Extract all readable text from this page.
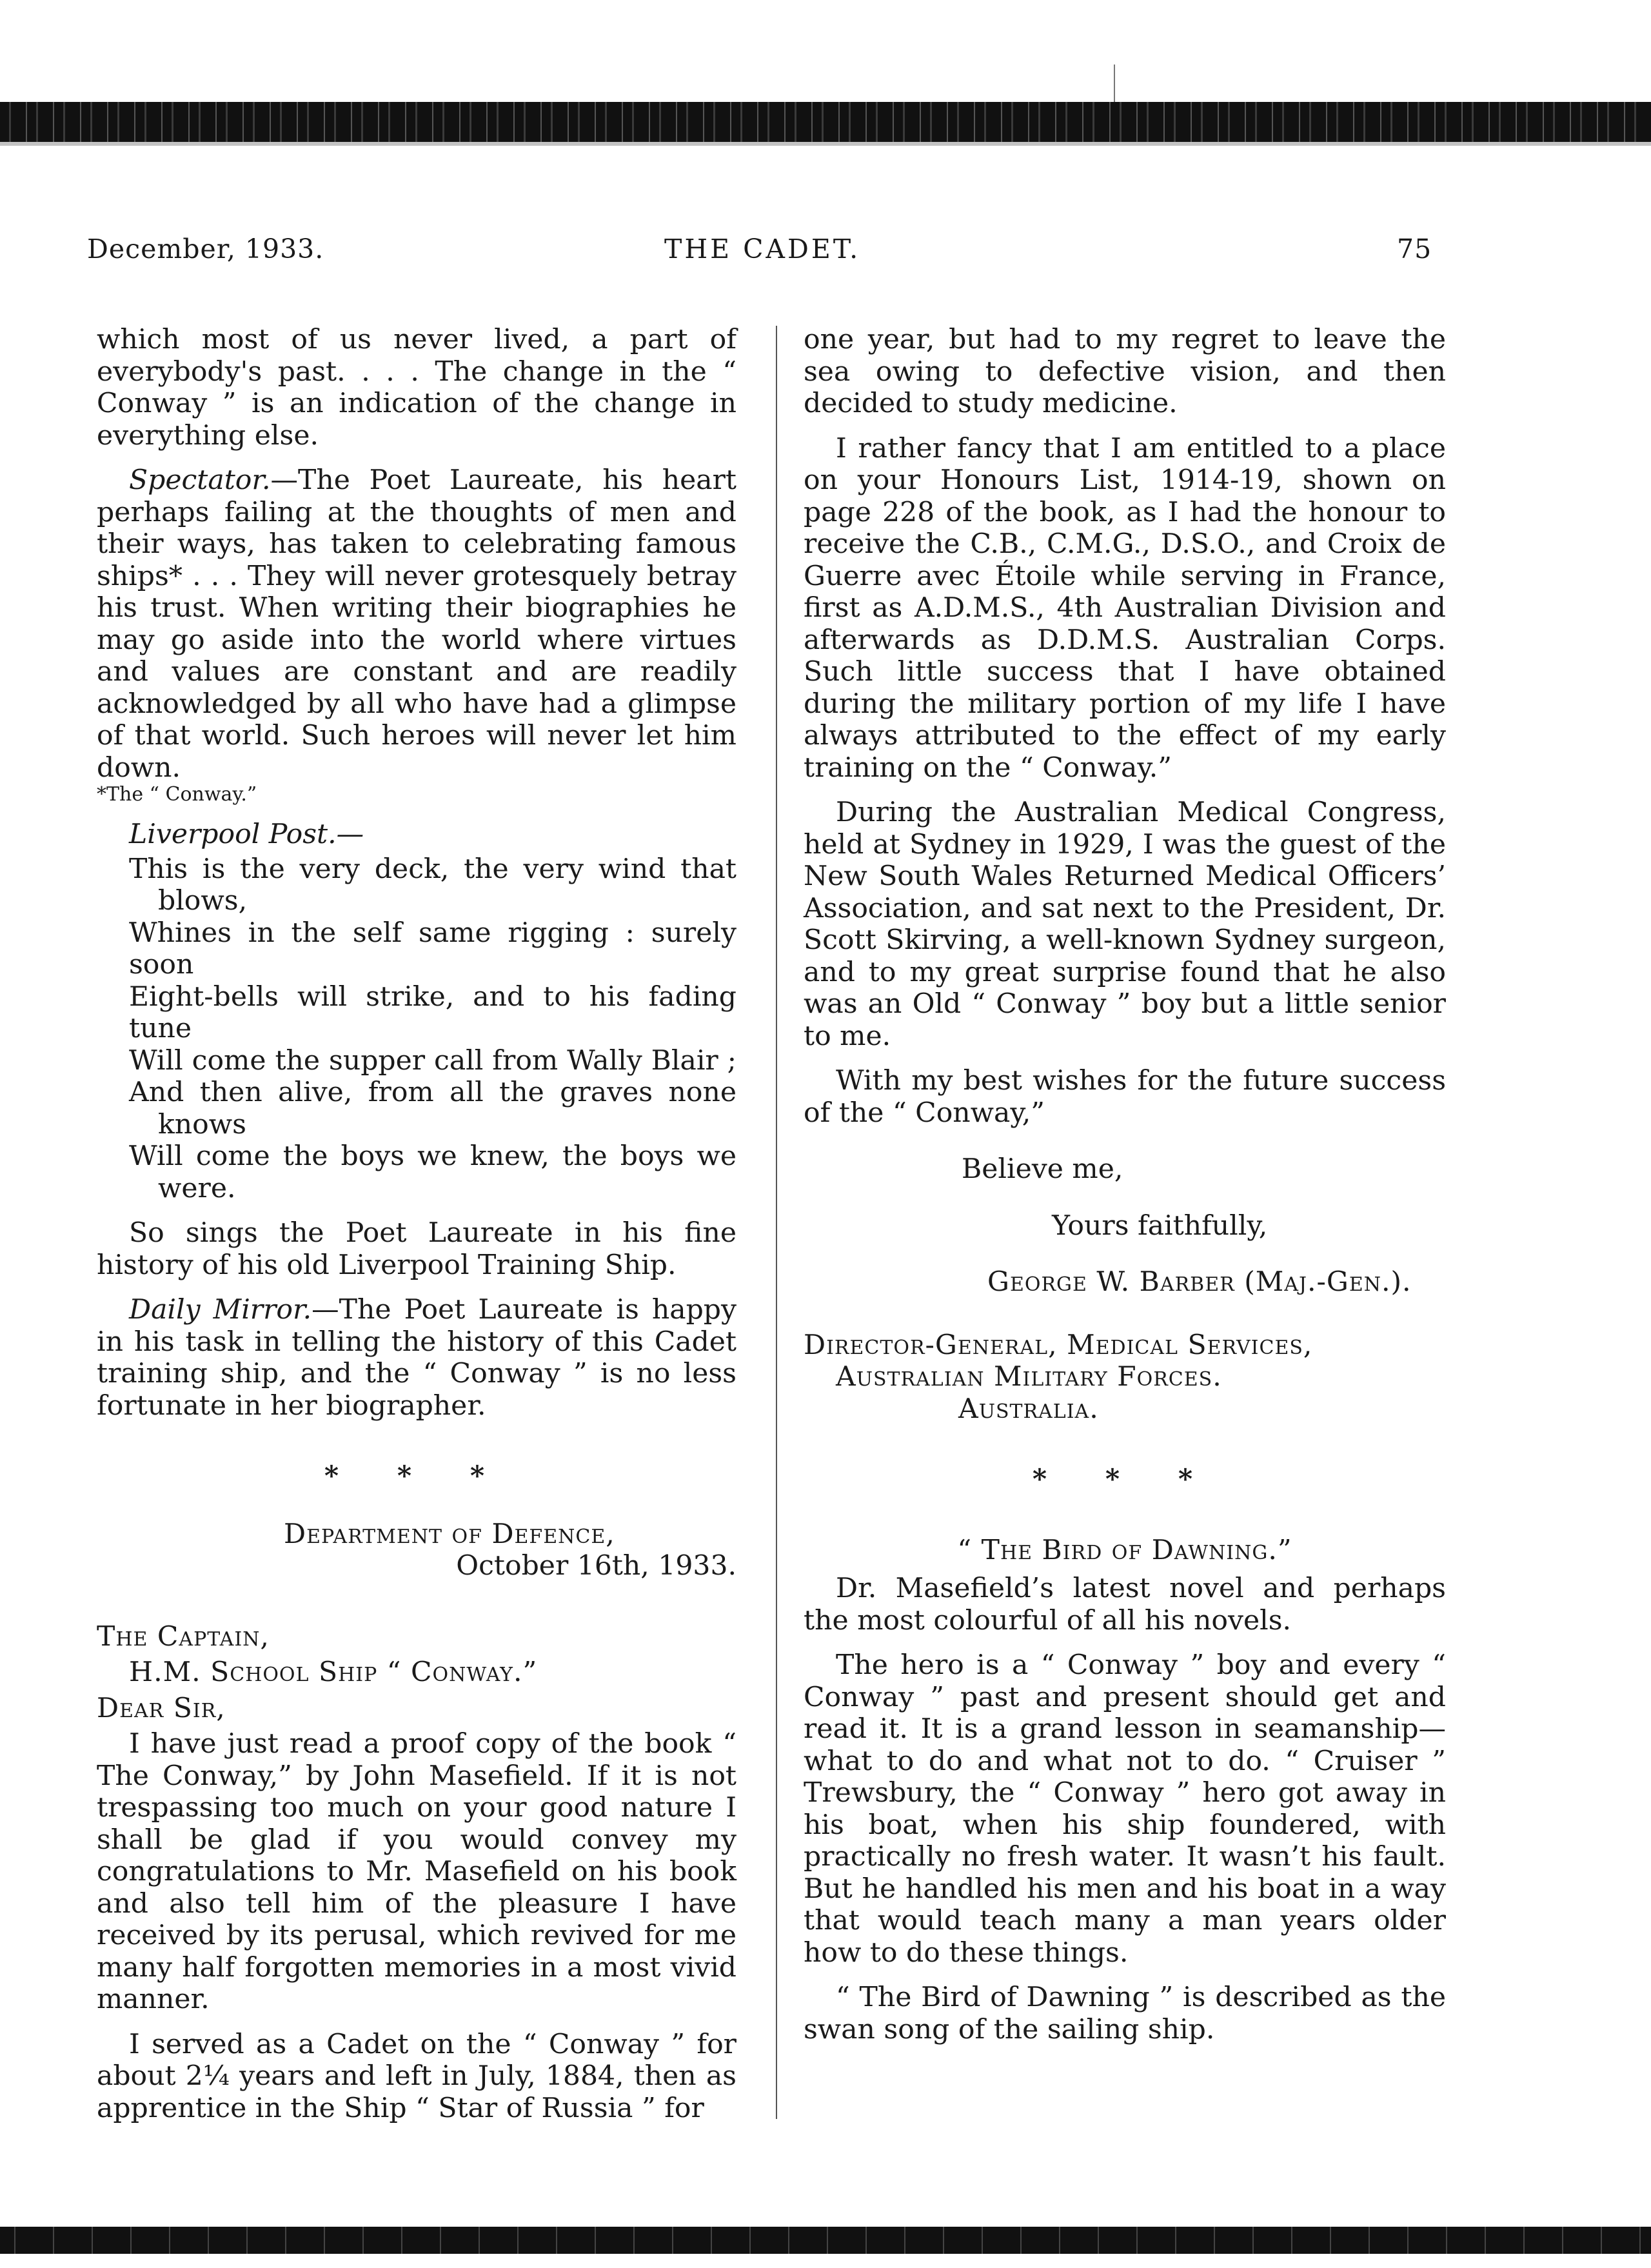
December, 1933.	THE CADET.	75

which most of us never lived, a part of everybody's past. . . . The change in the “ Conway ” is an indication of the change in everything else.

Spectator.—The Poet Laureate, his heart perhaps failing at the thoughts of men and their ways, has taken to celebrating famous ships* . . . They will never grotesquely betray his trust. When writing their biographies he may go aside into the world where virtues and values are constant and are readily acknowledged by all who have had a glimpse of that world. Such heroes will never let him down.

*The “ Conway.”

Liverpool Post.—

This is the very deck, the very wind that

blows,

Whines in the self same rigging : surely soon

Eight-bells will strike, and to his fading tune

Will come the supper call from Wally Blair ;

And then alive, from all the graves none

knows

Will come the boys we knew, the boys we

were.

So sings the Poet Laureate in his fine history of his old Liverpool Training Ship.

Daily Mirror.—The Poet Laureate is happy in his task in telling the history of this Cadet training ship, and the “ Conway ” is no less fortunate in her biographer.

* * *

Department of Defence,

October 16th, 1933.

The Captain,

H.M. School Ship “ Conway.”

Dear Sir,

I have just read a proof copy of the book “ The Conway,” by John Masefield. If it is not trespassing too much on your good nature I shall be glad if you would convey my congratulations to Mr. Masefield on his book and also tell him of the pleasure I have received by its perusal, which revived for me many half forgotten memories in a most vivid manner.

I served as a Cadet on the “ Conway ” for about 2¼ years and left in July, 1884, then as apprentice in the Ship “ Star of Russia ” for

one year, but had to my regret to leave the sea owing to defective vision, and then decided to study medicine.

I rather fancy that I am entitled to a place on your Honours List, 1914-19, shown on page 228 of the book, as I had the honour to receive the C.B., C.M.G., D.S.O., and Croix de Guerre avec Étoile while serving in France, first as A.D.M.S., 4th Australian Division and afterwards as D.D.M.S. Australian Corps. Such little success that I have obtained during the military portion of my life I have always attributed to the effect of my early training on the “ Conway.”

During the Australian Medical Congress, held at Sydney in 1929, I was the guest of the New South Wales Returned Medical Officers’ Association, and sat next to the President, Dr. Scott Skirving, a well-known Sydney surgeon, and to my great surprise found that he also was an Old “ Conway ” boy but a little senior to me.

With my best wishes for the future success of the “ Conway,”

Believe me,

Yours faithfully,

George W. Barber (Maj.-Gen.).

Director-General, Medical Services,

Australian Military Forces.

Australia.

* * *

“ The Bird of Dawning.”

Dr. Masefield’s latest novel and perhaps the most colourful of all his novels.

The hero is a “ Conway ” boy and every “ Conway ” past and present should get and read it. It is a grand lesson in seamanship—what to do and what not to do. “ Cruiser ” Trewsbury, the “ Conway ” hero got away in his boat, when his ship foundered, with practically no fresh water. It wasn’t his fault. But he handled his men and his boat in a way that would teach many a man years older how to do these things.

“ The Bird of Dawning ” is described as the swan song of the sailing ship.
